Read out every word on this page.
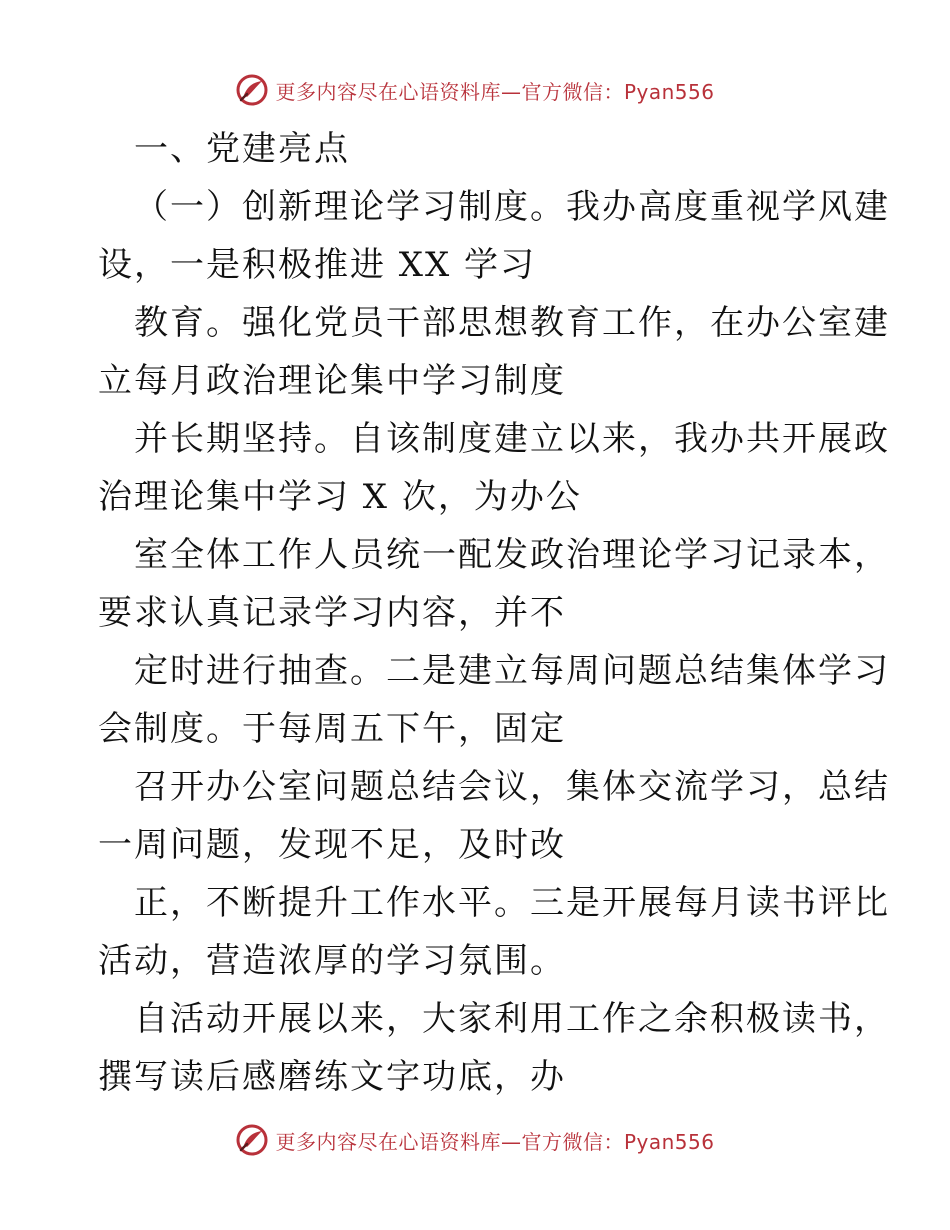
更多内容尽在心语资料库—官方微信：Pyan556
一、党建亮点
（一）创新理论学习制度。我办高度重视学风建
设，一是积极推进 XX 学习
教育。强化党员干部思想教育工作，在办公室建
立每月政治理论集中学习制度
并长期坚持。自该制度建立以来，我办共开展政
治理论集中学习 X 次，为办公
室全体工作人员统一配发政治理论学习记录本，
要求认真记录学习内容，并不
定时进行抽查。二是建立每周问题总结集体学习
会制度。于每周五下午，固定
召开办公室问题总结会议，集体交流学习，总结
一周问题，发现不足，及时改
正，不断提升工作水平。三是开展每月读书评比
活动，营造浓厚的学习氛围。
自活动开展以来，大家利用工作之余积极读书，
撰写读后感磨练文字功底，办
更多内容尽在心语资料库—官方微信：Pyan556
